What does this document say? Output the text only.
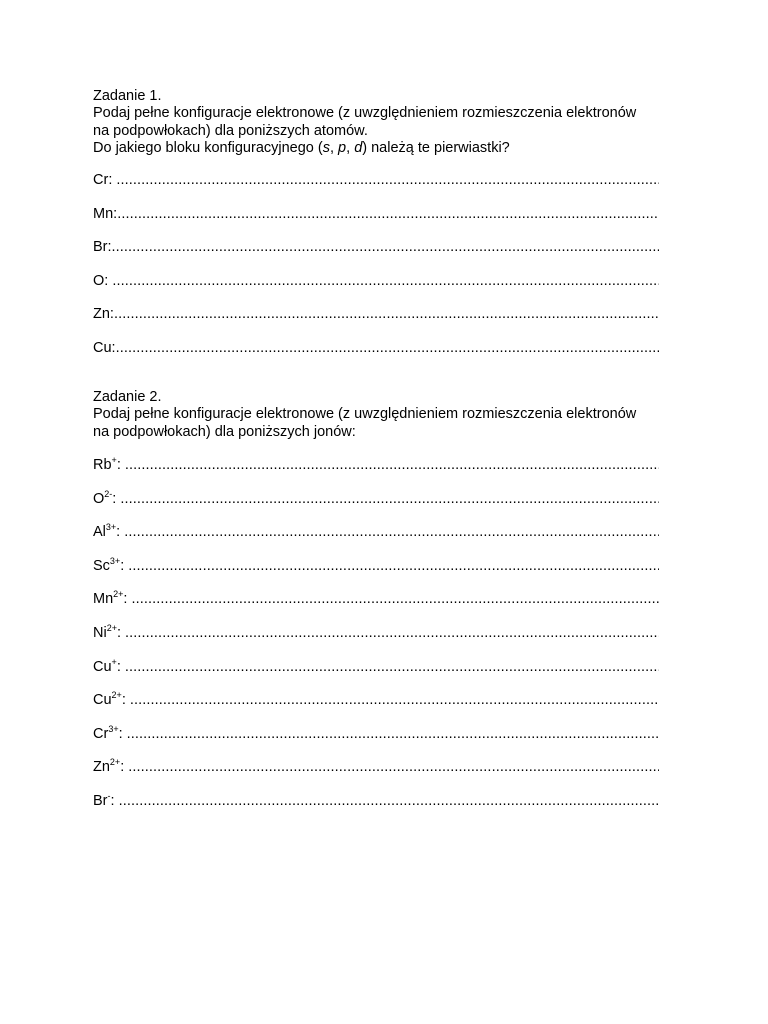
Zadanie 1.

Podaj pełne konfiguracje elektronowe (z uwzględnieniem rozmieszczenia elektronów

na podpowłokach) dla poniższych atomów.

Do jakiego bloku konfiguracyjnego (s, p, d) należą te pierwiastki?

Cr:
.....
Mn:
.....
Br:
.....
O:
.....
Zn:
.....
Cu:
.....

Zadanie 2.

Podaj pełne konfiguracje elektronowe (z uwzględnieniem rozmieszczenia elektronów

na podpowłokach) dla poniższych jonów:

Rb+:
.....
$O^{2-}$:
.....
$Al^{3+}$:
.....
$Sc^{3+}$:
.....
$Mn^{2+}$:
.....
$Ni^{2+}$:
.....
Cu+:
.....
$Cu^{2+}$:
.....
$Cr^{3+}$:
.....
$Zn^{2+}$:
.....
Br-:
.....
